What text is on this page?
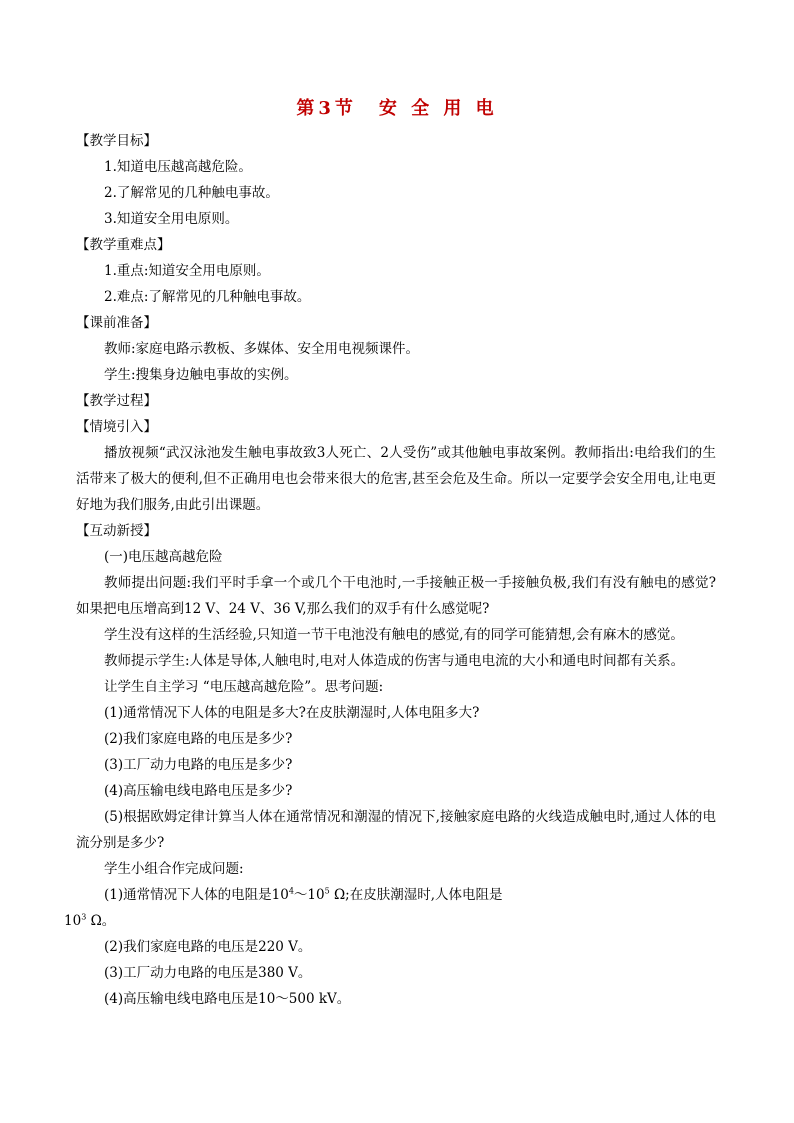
第3节　安 全 用 电
【教学目标】
1.知道电压越高越危险。
2.了解常见的几种触电事故。
3.知道安全用电原则。
【教学重难点】
1.重点:知道安全用电原则。
2.难点:了解常见的几种触电事故。
【课前准备】
教师:家庭电路示教板、多媒体、安全用电视频课件。
学生:搜集身边触电事故的实例。
【教学过程】
【情境引入】
播放视频“武汉泳池发生触电事故致3人死亡、2人受伤”或其他触电事故案例。教师指出:电给我们的生活带来了极大的便利,但不正确用电也会带来很大的危害,甚至会危及生命。所以一定要学会安全用电,让电更好地为我们服务,由此引出课题。
【互动新授】
(一)电压越高越危险
教师提出问题:我们平时手拿一个或几个干电池时,一手接触正极一手接触负极,我们有没有触电的感觉?如果把电压增高到12 V、24 V、36 V,那么我们的双手有什么感觉呢?
学生没有这样的生活经验,只知道一节干电池没有触电的感觉,有的同学可能猜想,会有麻木的感觉。
教师提示学生:人体是导体,人触电时,电对人体造成的伤害与通电电流的大小和通电时间都有关系。
让学生自主学习 “电压越高越危险”。思考问题:
(1)通常情况下人体的电阻是多大?在皮肤潮湿时,人体电阻多大?
(2)我们家庭电路的电压是多少?
(3)工厂动力电路的电压是多少?
(4)高压输电线电路电压是多少?
(5)根据欧姆定律计算当人体在通常情况和潮湿的情况下,接触家庭电路的火线造成触电时,通过人体的电流分别是多少?
学生小组合作完成问题:
(1)通常情况下人体的电阻是$10^4\sim 10^5$ Ω;在皮肤潮湿时,人体电阻是
$10^3$ Ω。
(2)我们家庭电路的电压是220 V。
(3)工厂动力电路的电压是380 V。
(4)高压输电线电路电压是10～500 kV。
